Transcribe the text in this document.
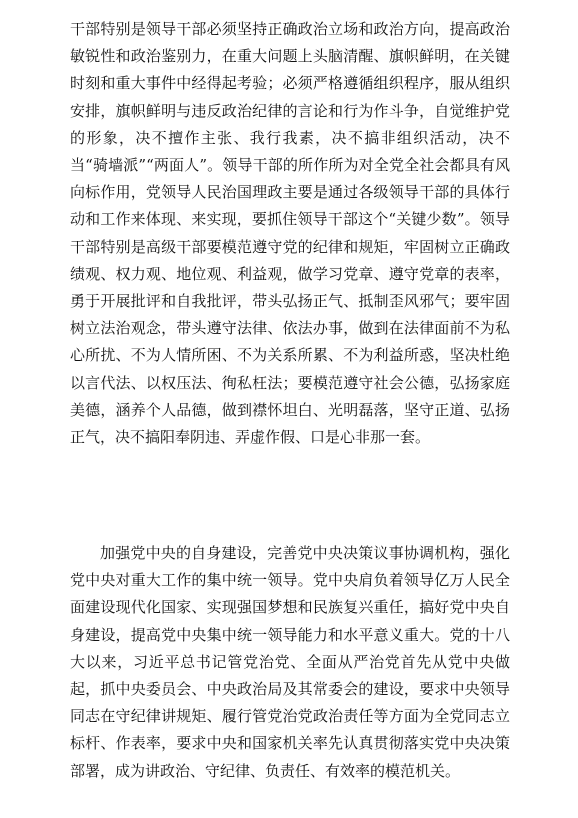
干部特别是领导干部必须坚持正确政治立场和政治方向，提高政治敏锐性和政治鉴别力，在重大问题上头脑清醒、旗帜鲜明，在关键时刻和重大事件中经得起考验；必须严格遵循组织程序，服从组织安排，旗帜鲜明与违反政治纪律的言论和行为作斗争，自觉维护党的形象，决不擅作主张、我行我素，决不搞非组织活动，决不当“骑墙派”“两面人”。领导干部的所作所为对全党全社会都具有风向标作用，党领导人民治国理政主要是通过各级领导干部的具体行动和工作来体现、来实现，要抓住领导干部这个“关键少数”。领导干部特别是高级干部要模范遵守党的纪律和规矩，牢固树立正确政绩观、权力观、地位观、利益观，做学习党章、遵守党章的表率，勇于开展批评和自我批评，带头弘扬正气、抵制歪风邪气；要牢固树立法治观念，带头遵守法律、依法办事，做到在法律面前不为私心所扰、不为人情所困、不为关系所累、不为利益所惑，坚决杜绝以言代法、以权压法、徇私枉法；要模范遵守社会公德，弘扬家庭美德，涵养个人品德，做到襟怀坦白、光明磊落，坚守正道、弘扬正气，决不搞阳奉阴违、弄虚作假、口是心非那一套。

加强党中央的自身建设，完善党中央决策议事协调机构，强化党中央对重大工作的集中统一领导。党中央肩负着领导亿万人民全面建设现代化国家、实现强国梦想和民族复兴重任，搞好党中央自身建设，提高党中央集中统一领导能力和水平意义重大。党的十八大以来，习近平总书记管党治党、全面从严治党首先从党中央做起，抓中央委员会、中央政治局及其常委会的建设，要求中央领导同志在守纪律讲规矩、履行管党治党政治责任等方面为全党同志立标杆、作表率，要求中央和国家机关率先认真贯彻落实党中央决策部署，成为讲政治、守纪律、负责任、有效率的模范机关。
